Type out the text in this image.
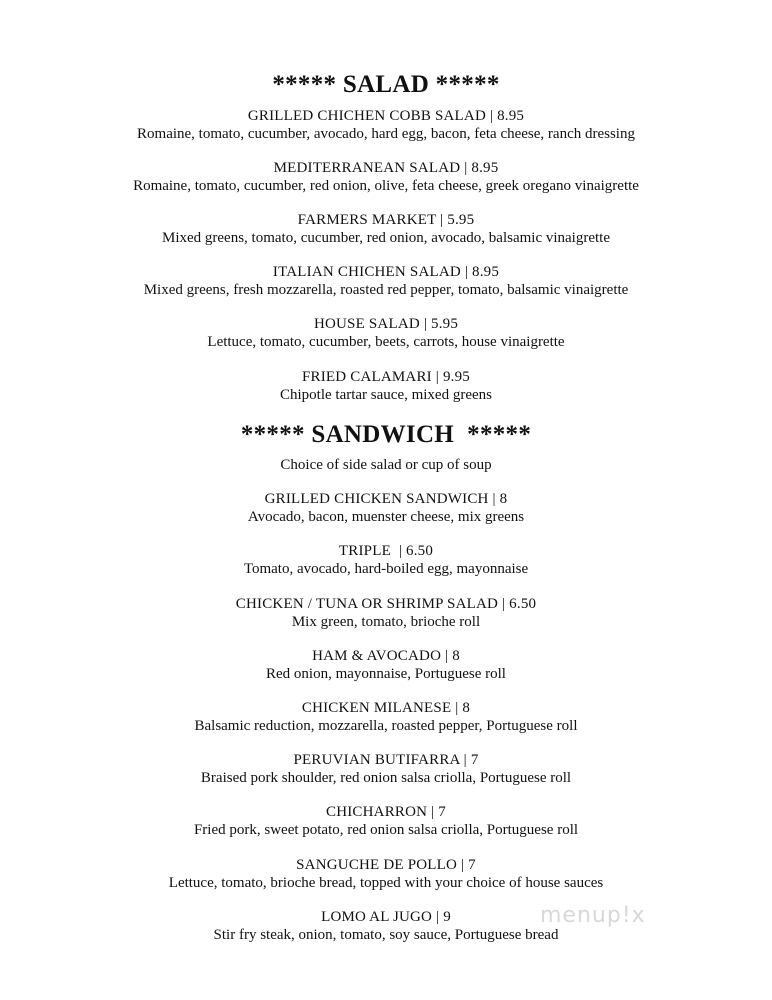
***** SALAD *****
GRILLED CHICHEN COBB SALAD | 8.95
Romaine, tomato, cucumber, avocado, hard egg, bacon, feta cheese, ranch dressing
MEDITERRANEAN SALAD | 8.95
Romaine, tomato, cucumber, red onion, olive, feta cheese, greek oregano vinaigrette
FARMERS MARKET | 5.95
Mixed greens, tomato, cucumber, red onion, avocado, balsamic vinaigrette
ITALIAN CHICHEN SALAD | 8.95
Mixed greens, fresh mozzarella, roasted red pepper, tomato, balsamic vinaigrette
HOUSE SALAD | 5.95
Lettuce, tomato, cucumber, beets, carrots, house vinaigrette
FRIED CALAMARI | 9.95
Chipotle tartar sauce, mixed greens
***** SANDWICH  *****
Choice of side salad or cup of soup
GRILLED CHICKEN SANDWICH | 8
Avocado, bacon, muenster cheese, mix greens
TRIPLE  | 6.50
Tomato, avocado, hard-boiled egg, mayonnaise
CHICKEN / TUNA OR SHRIMP SALAD | 6.50
Mix green, tomato, brioche roll
HAM & AVOCADO | 8
Red onion, mayonnaise, Portuguese roll
CHICKEN MILANESE | 8
Balsamic reduction, mozzarella, roasted pepper, Portuguese roll
PERUVIAN BUTIFARRA | 7
Braised pork shoulder, red onion salsa criolla, Portuguese roll
CHICHARRON | 7
Fried pork, sweet potato, red onion salsa criolla, Portuguese roll
SANGUCHE DE POLLO | 7
Lettuce, tomato, brioche bread, topped with your choice of house sauces
LOMO AL JUGO | 9
Stir fry steak, onion, tomato, soy sauce, Portuguese bread
menup!x
